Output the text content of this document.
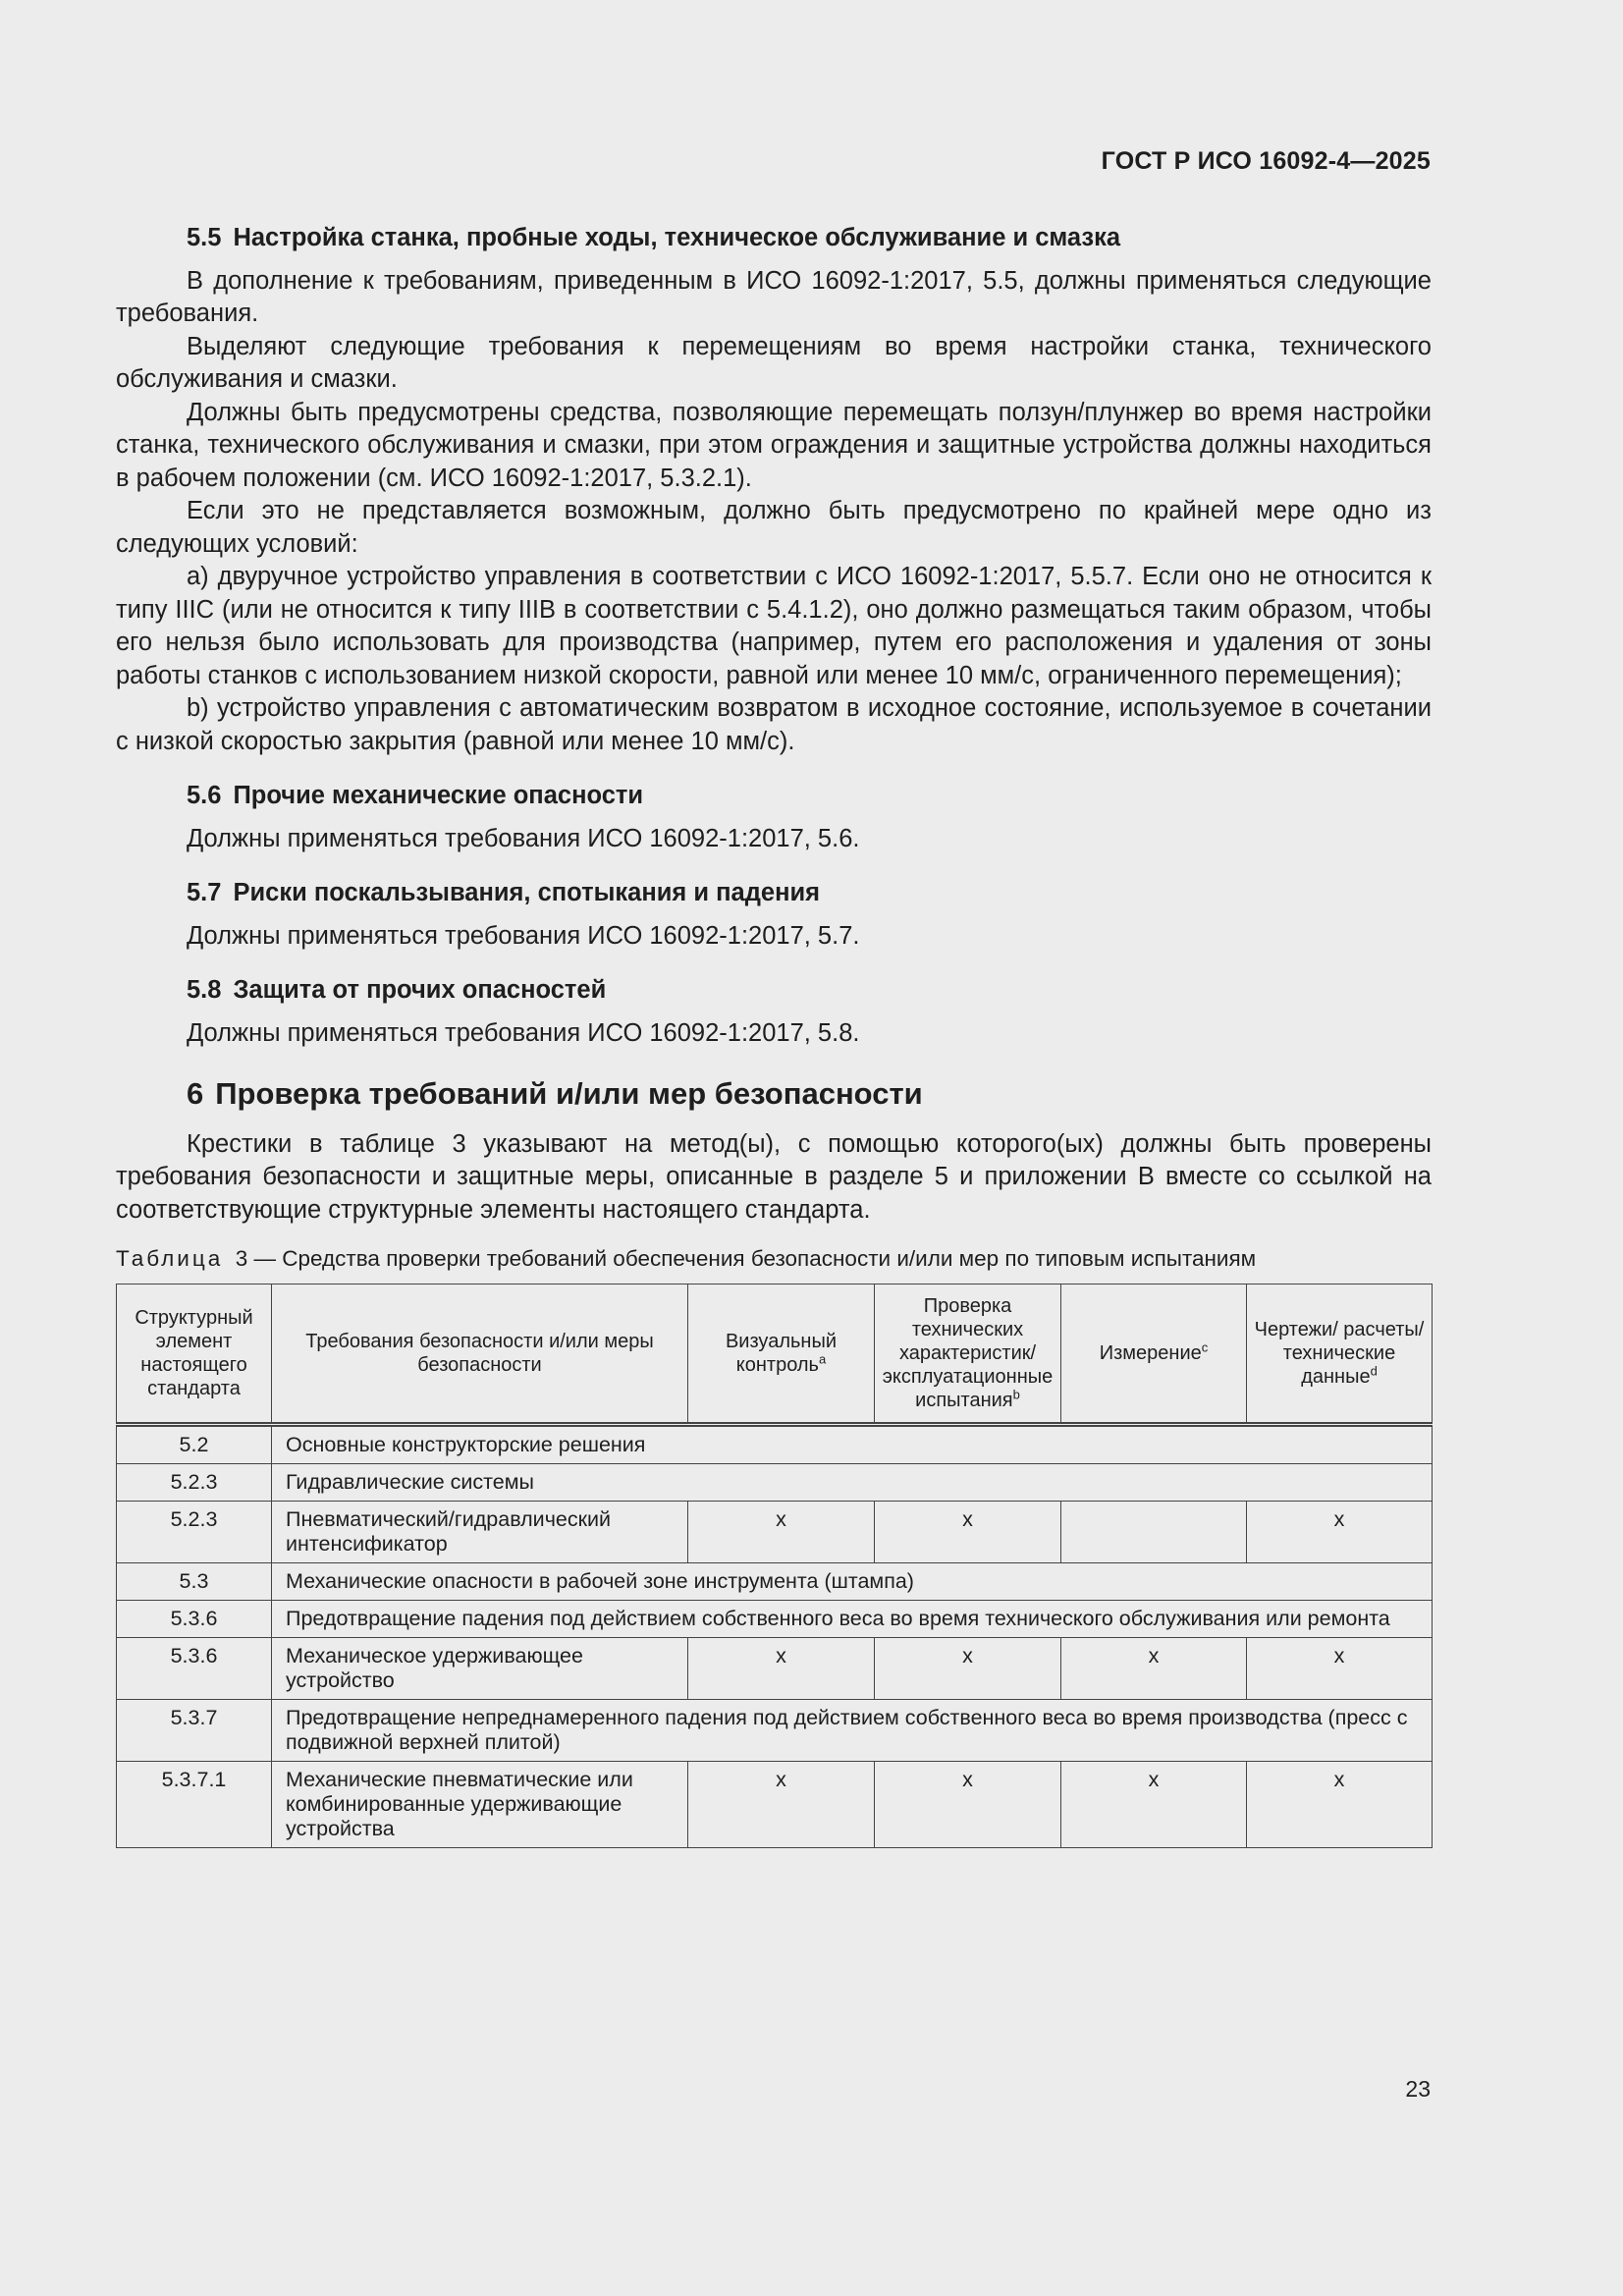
ГОСТ Р ИСО 16092-4—2025
5.5 Настройка станка, пробные ходы, техническое обслуживание и смазка

В дополнение к требованиям, приведенным в ИСО 16092-1:2017, 5.5, должны применяться следующие требования.

Выделяют следующие требования к перемещениям во время настройки станка, технического обслуживания и смазки.

Должны быть предусмотрены средства, позволяющие перемещать ползун/плунжер во время настройки станка, технического обслуживания и смазки, при этом ограждения и защитные устройства должны находиться в рабочем положении (см. ИСО 16092-1:2017, 5.3.2.1).

Если это не представляется возможным, должно быть предусмотрено по крайней мере одно из следующих условий:

a) двуручное устройство управления в соответствии с ИСО 16092-1:2017, 5.5.7. Если оно не относится к типу IIIC (или не относится к типу IIIB в соответствии с 5.4.1.2), оно должно размещаться таким образом, чтобы его нельзя было использовать для производства (например, путем его расположения и удаления от зоны работы станков с использованием низкой скорости, равной или менее 10 мм/с, ограниченного перемещения);

b) устройство управления с автоматическим возвратом в исходное состояние, используемое в сочетании с низкой скоростью закрытия (равной или менее 10 мм/с).

5.6 Прочие механические опасности

Должны применяться требования ИСО 16092-1:2017, 5.6.

5.7 Риски поскальзывания, спотыкания и падения

Должны применяться требования ИСО 16092-1:2017, 5.7.

5.8 Защита от прочих опасностей

Должны применяться требования ИСО 16092-1:2017, 5.8.

6 Проверка требований и/или мер безопасности

Крестики в таблице 3 указывают на метод(ы), с помощью которого(ых) должны быть проверены требования безопасности и защитные меры, описанные в разделе 5 и приложении В вместе со ссылкой на соответствующие структурные элементы настоящего стандарта.

Таблица 3 — Средства проверки требований обеспечения безопасности и/или мер по типовым испытаниям
Структурный элемент настоящего стандарта	Требования безопасности и/или меры безопасности	Визуальный контроль$^a$	Проверка технических характеристик/ эксплуатационные испытания$^b$	Измерение$^c$	Чертежи/ расчеты/ технические данные$^d$
5.2	Основные конструкторские решения				
5.2.3	Гидравлические системы				
5.2.3	Пневматический/гидравлический интенсификатор	x	x		x
5.3	Механические опасности в рабочей зоне инструмента (штампа)				
5.3.6	Предотвращение падения под действием собственного веса во время технического обслуживания или ремонта				
5.3.6	Механическое удерживающее устройство	x	x	x	x
5.3.7	Предотвращение непреднамеренного падения под действием собственного веса во время производства (пресс с подвижной верхней плитой)				
5.3.7.1	Механические пневматические или комбинированные удерживающие устройства	x	x	x	x
23
